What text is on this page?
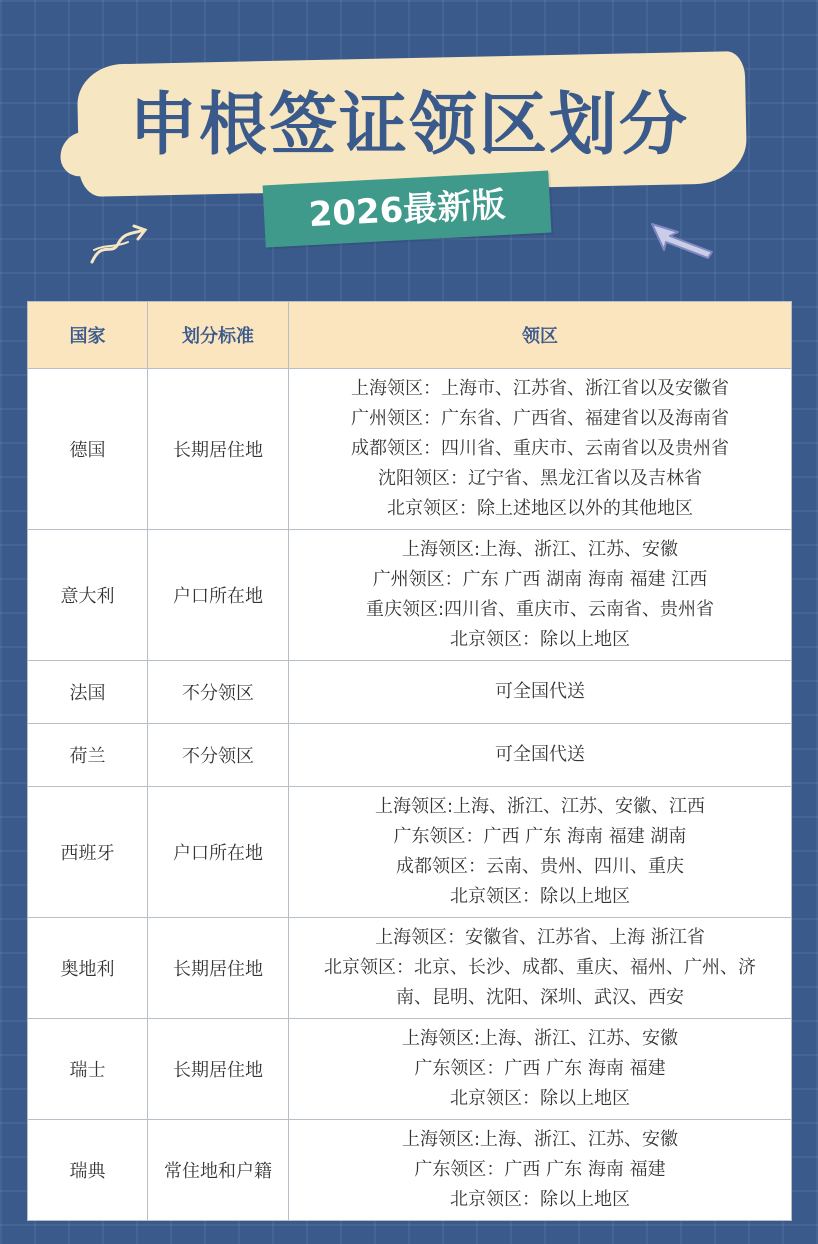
申根签证领区划分
2026最新版
国家	划分标准	领区
德国	长期居住地	上海领区：上海市、江苏省、浙江省以及安徽省
广州领区：广东省、广西省、福建省以及海南省
成都领区：四川省、重庆市、云南省以及贵州省
沈阳领区：辽宁省、黑龙江省以及吉林省
北京领区：除上述地区以外的其他地区

意大利	户口所在地	上海领区:上海、浙江、江苏、安徽
广州领区：广东 广西 湖南 海南 福建 江西
重庆领区:四川省、重庆市、云南省、贵州省
北京领区：除以上地区

法国	不分领区	可全国代送

荷兰	不分领区	可全国代送

西班牙	户口所在地	上海领区:上海、浙江、江苏、安徽、江西
广东领区：广西 广东 海南 福建 湖南
成都领区：云南、贵州、四川、重庆
北京领区：除以上地区

奥地利	长期居住地	上海领区：安徽省、江苏省、上海 浙江省
北京领区：北京、长沙、成都、重庆、福州、广州、济
南、昆明、沈阳、深圳、武汉、西安

瑞士	长期居住地	上海领区:上海、浙江、江苏、安徽
广东领区：广西 广东 海南 福建
北京领区：除以上地区

瑞典	常住地和户籍	上海领区:上海、浙江、江苏、安徽
广东领区：广西 广东 海南 福建
北京领区：除以上地区
